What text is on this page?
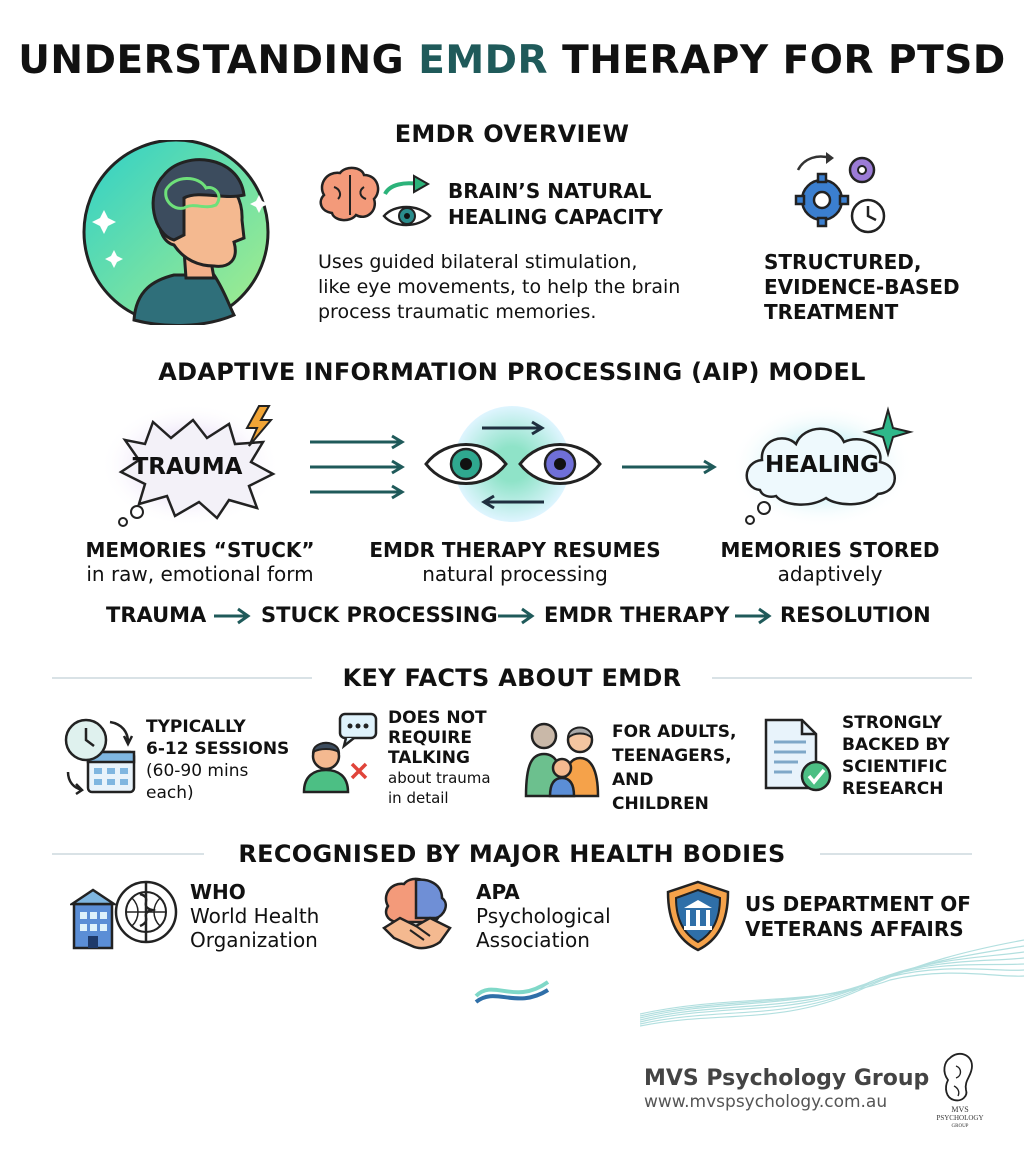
UNDERSTANDING EMDR THERAPY FOR PTSD
EMDR OVERVIEW
BRAIN’S NATURAL
HEALING CAPACITY
Uses guided bilateral stimulation,
like eye movements, to help the brain
process traumatic memories.
STRUCTURED,
EVIDENCE-BASED
TREATMENT
ADAPTIVE INFORMATION PROCESSING (AIP) MODEL
TRAUMA	HEALING
MEMORIES “STUCK”
in raw, emotional form
EMDR THERAPY RESUMES
natural processing
MEMORIES STORED
adaptively
TRAUMA	STUCK PROCESSING EMDR THERAPY RESOLUTION
KEY FACTS ABOUT EMDR
TYPICALLY
6-12 SESSIONS
(60-90 mins
each)
DOES NOT
REQUIRE
TALKING
about trauma
in detail
FOR ADULTS,
TEENAGERS,
AND
CHILDREN
STRONGLY
BACKED BY
SCIENTIFIC
RESEARCH
RECOGNISED BY MAJOR HEALTH BODIES
WHO
World Health
Organization
APA
Psychological
Association
US DEPARTMENT OF
VETERANS AFFAIRS
MVS Psychology Group
www.mvspsychology.com.au	MVS
PSYCHOLOGY
GROUP
